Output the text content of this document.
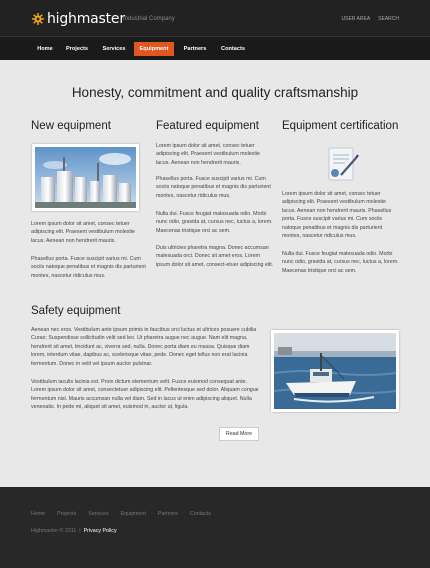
highmaster
Industrial Company	USER AREA SEARCH
Home	Projects	Services	Equipment	Partners	Contacts
Honesty, commitment and quality craftsmanship
New equipment
Lorem ipsum dolor sit amet, consec tetuer adipiscing elit. Praesent vestibulum molestie lacus. Aenean non hendrerit mauris.
Phasellus porta. Fusce suscipit varius mi. Cum sociis natoque penatibus et magnis dis parturient montes, nascetur ridiculus mus.
Featured equipment
Lorem ipsum dolor sit amet, consec tetuer adipiscing elit. Praesent vestibulum molestie lacus. Aenean non hendrerit mauris.
Phasellus porta. Fusce suscipit varius mi. Cum sociis natoque penatibus et magnis dis parturient montes, nascetur ridiculus mus.
Nulla dui. Fusce feugiat malesuada odio. Morbi nunc odio, gravida at, cursus nec, luctus a, lorem. Maecenas tristique orci ac sem.
Duis ultricies pharetra magna. Donec accumsan malesuada orci. Donec sit amet eros. Lorem ipsum dolor sit amet, consect-etuer adipiscing elit.
Equipment certification
Lorem ipsum dolor sit amet, consec tetuer adipiscing elit. Praesent vestibulum molestie lacus. Aenean non hendrerit mauris. Phasellus porta. Fusce suscipit varius mi. Cum sociis natoque penatibus et magnis dis parturient montes, nascetur ridiculus mus.
Nulla dui. Fusce feugiat malesuada odio. Morbi nunc odio, gravida at, cursus nec, luctus a, lorem. Maecenas tristique orci ac sem.
Safety equipment
Aenean nec eros. Vestibulum ante ipsum primis in faucibus orci luctus et ultrices posuere cubilia Curae; Suspendisse sollicitudin velit sed leo. Ut pharetra augue nec augue. Nam elit magna, hendrerit sit amet, tincidunt ac, viverra sed, nulla. Donec porta diam eu massa. Quisque diam lorem, interdum vitae, dapibus ac, scelerisque vitae, pede. Donec eget tellus non erat lacinia fermentum. Donec in velit vel ipsum auctor pulvinar.
Vestibulum iaculis lacinia est. Proin dictum elementum velit. Fusce euismod consequat ante. Lorem ipsum dolor sit amet, consectetuer adipiscing elit. Pellentesque sed dolor. Aliquam congue fermentum nisl. Mauris accumsan nulla vel diam. Sed in lacus ut enim adipiscing aliquet. Nulla venenatis. In pede mi, aliquet sit amet, euismod in, auctor ut, ligula.
Read More
Home Projects Services Equipment Partners Contacts
Highmaster © 2011  |  Privacy Policy
